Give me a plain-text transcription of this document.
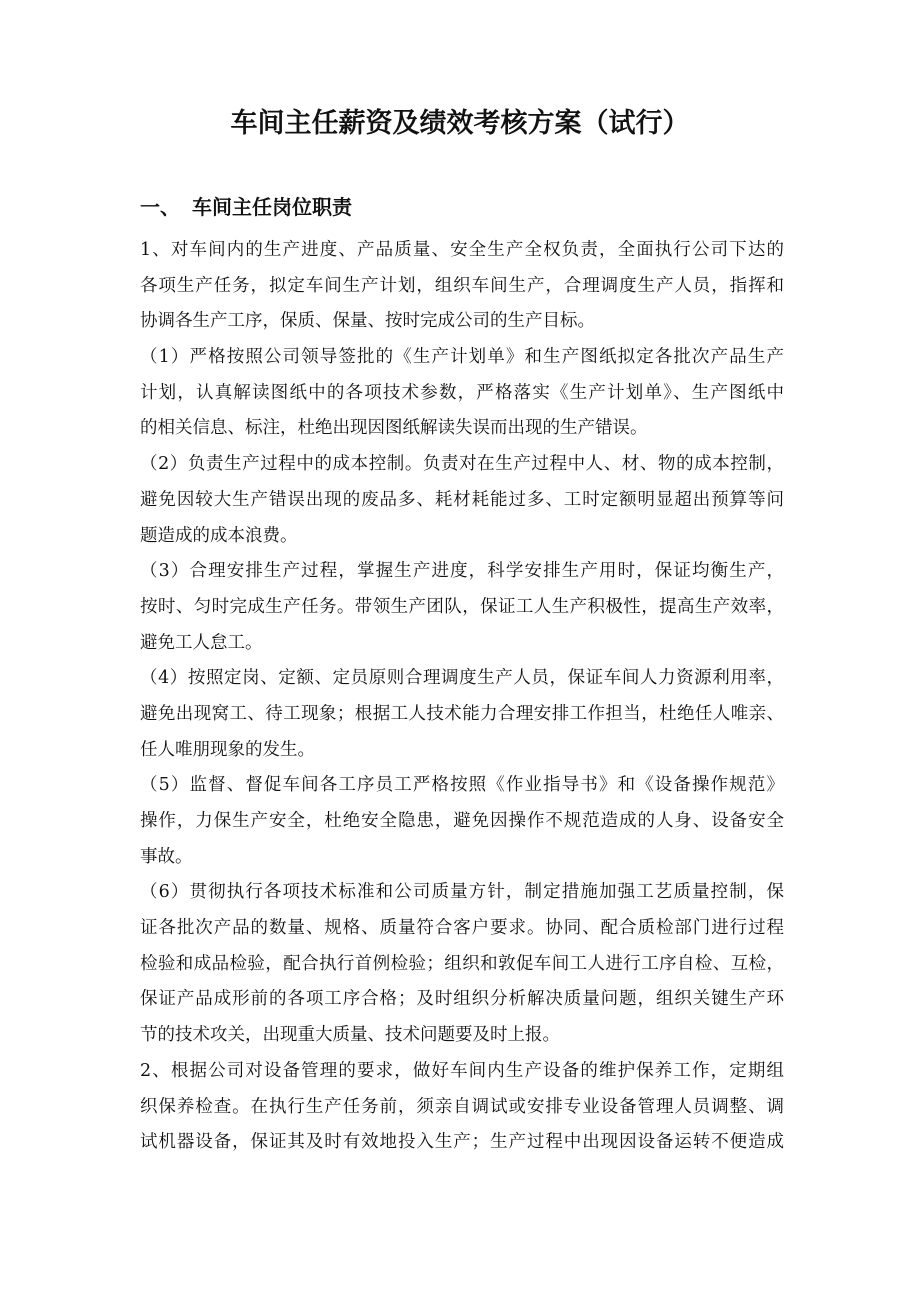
车间主任薪资及绩效考核方案（试行）
一、 车间主任岗位职责
1、对车间内的生产进度、产品质量、安全生产全权负责，全面执行公司下达的
各项生产任务，拟定车间生产计划，组织车间生产，合理调度生产人员，指挥和
协调各生产工序，保质、保量、按时完成公司的生产目标。
（1）严格按照公司领导签批的《生产计划单》和生产图纸拟定各批次产品生产
计划，认真解读图纸中的各项技术参数，严格落实《生产计划单》、生产图纸中
的相关信息、标注，杜绝出现因图纸解读失误而出现的生产错误。
（2）负责生产过程中的成本控制。负责对在生产过程中人、材、物的成本控制，
避免因较大生产错误出现的废品多、耗材耗能过多、工时定额明显超出预算等问
题造成的成本浪费。
（3）合理安排生产过程，掌握生产进度，科学安排生产用时，保证均衡生产，
按时、匀时完成生产任务。带领生产团队，保证工人生产积极性，提高生产效率，
避免工人怠工。
（4）按照定岗、定额、定员原则合理调度生产人员，保证车间人力资源利用率，
避免出现窝工、待工现象；根据工人技术能力合理安排工作担当，杜绝任人唯亲、
任人唯朋现象的发生。
（5）监督、督促车间各工序员工严格按照《作业指导书》和《设备操作规范》
操作，力保生产安全，杜绝安全隐患，避免因操作不规范造成的人身、设备安全
事故。
（6）贯彻执行各项技术标准和公司质量方针，制定措施加强工艺质量控制，保
证各批次产品的数量、规格、质量符合客户要求。协同、配合质检部门进行过程
检验和成品检验，配合执行首例检验；组织和敦促车间工人进行工序自检、互检，
保证产品成形前的各项工序合格；及时组织分析解决质量问题，组织关键生产环
节的技术攻关，出现重大质量、技术问题要及时上报。
2、根据公司对设备管理的要求，做好车间内生产设备的维护保养工作，定期组
织保养检查。在执行生产任务前，须亲自调试或安排专业设备管理人员调整、调
试机器设备，保证其及时有效地投入生产；生产过程中出现因设备运转不便造成
